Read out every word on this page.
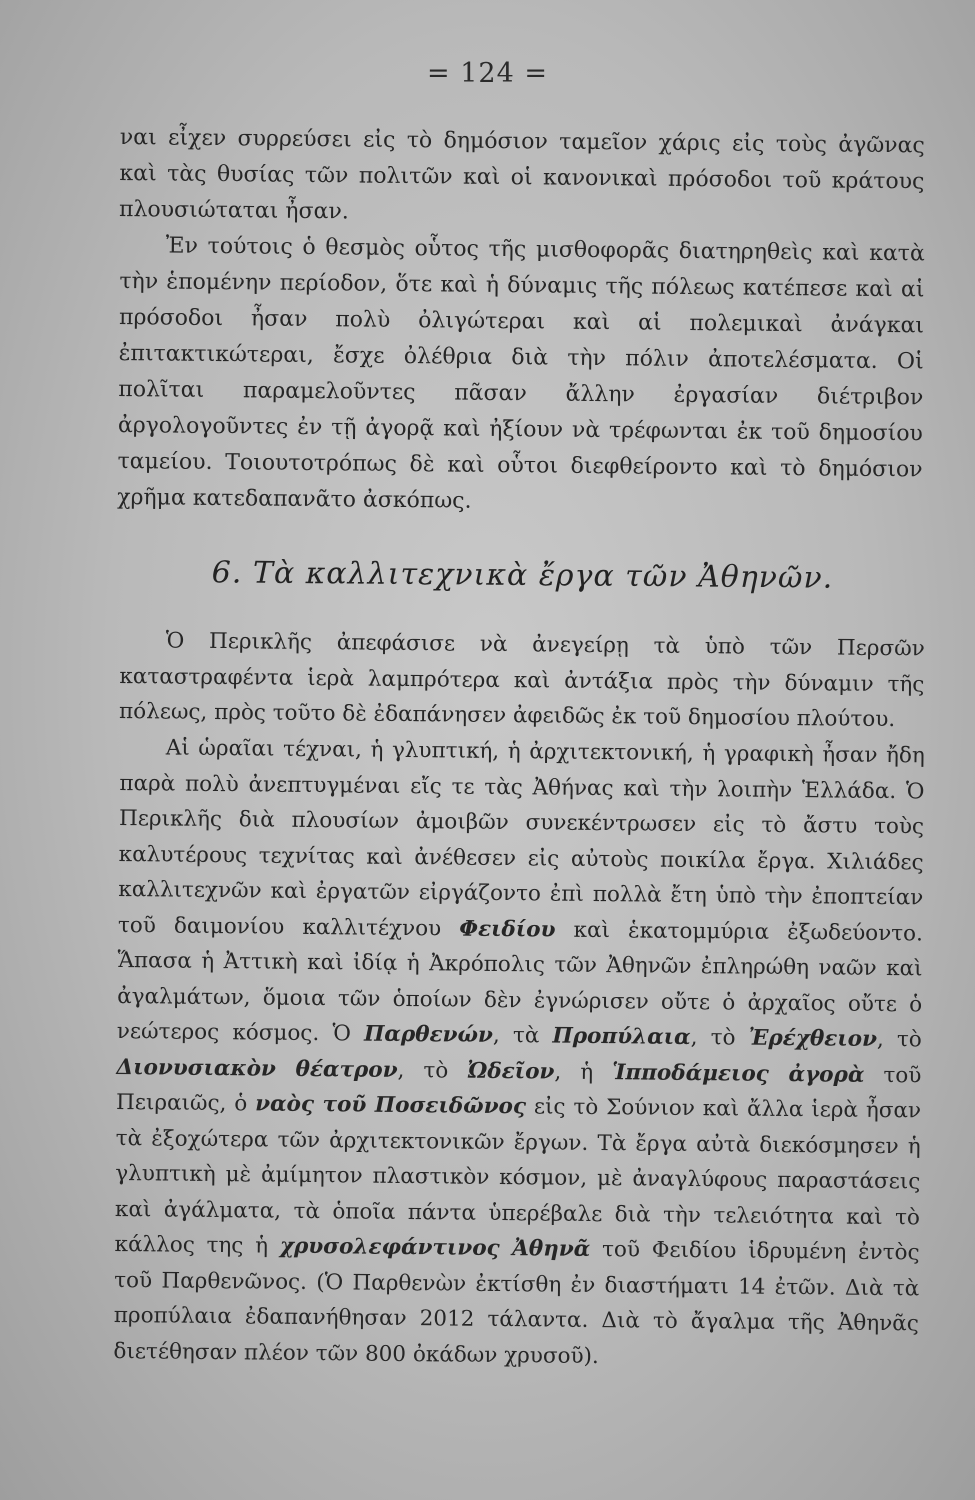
= 124 =

ναι εἶχεν συρρεύσει εἰς τὸ δημόσιον ταμεῖον χάρις εἰς τοὺς ἀγῶνας καὶ τὰς θυσίας τῶν πολιτῶν καὶ οἱ κανονικαὶ πρόσοδοι τοῦ κράτους πλουσιώταται ἦσαν.

Ἐν τούτοις ὁ θεσμὸς οὗτος τῆς μισθοφορᾶς διατηρηθεὶς καὶ κατὰ τὴν ἑπομένην περίοδον, ὅτε καὶ ἡ δύναμις τῆς πόλεως κατέπεσε καὶ αἱ πρόσοδοι ἦσαν πολὺ ὀλιγώτεραι καὶ αἱ πολεμικαὶ ἀνάγκαι ἐπιτακτικώτεραι, ἔσχε ὀλέθρια διὰ τὴν πόλιν ἀποτελέσματα. Οἱ πολῖται παραμελοῦντες πᾶσαν ἄλλην ἐργασίαν διέτριβον ἀργολογοῦντες ἐν τῇ ἀγορᾷ καὶ ἠξίουν νὰ τρέφωνται ἐκ τοῦ δημοσίου ταμείου. Τοιουτοτρόπως δὲ καὶ οὗτοι διεφθείροντο καὶ τὸ δημόσιον χρῆμα κατεδαπανᾶτο ἀσκόπως.

6. Τὰ καλλιτεχνικὰ ἔργα τῶν Ἀθηνῶν.

Ὁ Περικλῆς ἀπεφάσισε νὰ ἀνεγείρῃ τὰ ὑπὸ τῶν Περσῶν καταστραφέντα ἱερὰ λαμπρότερα καὶ ἀντάξια πρὸς τὴν δύναμιν τῆς πόλεως, πρὸς τοῦτο δὲ ἐδαπάνησεν ἀφειδῶς ἐκ τοῦ δημοσίου πλούτου.

Αἱ ὡραῖαι τέχναι, ἡ γλυπτική, ἡ ἀρχιτεκτονική, ἡ γραφικὴ ἦσαν ἤδη παρὰ πολὺ ἀνεπτυγμέναι εἴς τε τὰς Ἀθήνας καὶ τὴν λοιπὴν Ἑλλάδα. Ὁ Περικλῆς διὰ πλουσίων ἀμοιβῶν συνεκέντρωσεν εἰς τὸ ἄστυ τοὺς καλυτέρους τεχνίτας καὶ ἀνέθεσεν εἰς αὐτοὺς ποικίλα ἔργα. Χιλιάδες καλλιτεχνῶν καὶ ἐργατῶν εἰργάζοντο ἐπὶ πολλὰ ἔτη ὑπὸ τὴν ἐποπτείαν τοῦ δαιμονίου καλλιτέχνου Φειδίου καὶ ἑκατομμύρια ἐξωδεύοντο. Ἅπασα ἡ Ἀττικὴ καὶ ἰδίᾳ ἡ Ἀκρόπολις τῶν Ἀθηνῶν ἐπληρώθη ναῶν καὶ ἀγαλμάτων, ὅμοια τῶν ὁποίων δὲν ἐγνώρισεν οὔτε ὁ ἀρχαῖος οὔτε ὁ νεώτερος κόσμος. Ὁ Παρθενών, τὰ Προπύλαια, τὸ Ἐρέχθειον, τὸ Διονυσιακὸν θέατρον, τὸ Ὠδεῖον, ἡ Ἱπποδάμειος ἀγορὰ τοῦ Πειραιῶς, ὁ ναὸς τοῦ Ποσειδῶνος εἰς τὸ Σούνιον καὶ ἄλλα ἱερὰ ἦσαν τὰ ἐξοχώτερα τῶν ἀρχιτεκτονικῶν ἔργων. Τὰ ἔργα αὐτὰ διεκόσμησεν ἡ γλυπτικὴ μὲ ἀμίμητον πλαστικὸν κόσμον, μὲ ἀναγλύφους παραστάσεις καὶ ἀγάλματα, τὰ ὁποῖα πάντα ὑπερέβαλε διὰ τὴν τελειότητα καὶ τὸ κάλλος της ἡ χρυσολεφάντινος Ἀθηνᾶ τοῦ Φειδίου ἱδρυμένη ἐντὸς τοῦ Παρθενῶνος. (Ὁ Παρθενὼν ἐκτίσθη ἐν διαστήματι 14 ἐτῶν. Διὰ τὰ προπύλαια ἐδαπανήθησαν 2012 τάλαντα. Διὰ τὸ ἄγαλμα τῆς Ἀθηνᾶς διετέθησαν πλέον τῶν 800 ὀκάδων χρυσοῦ).
